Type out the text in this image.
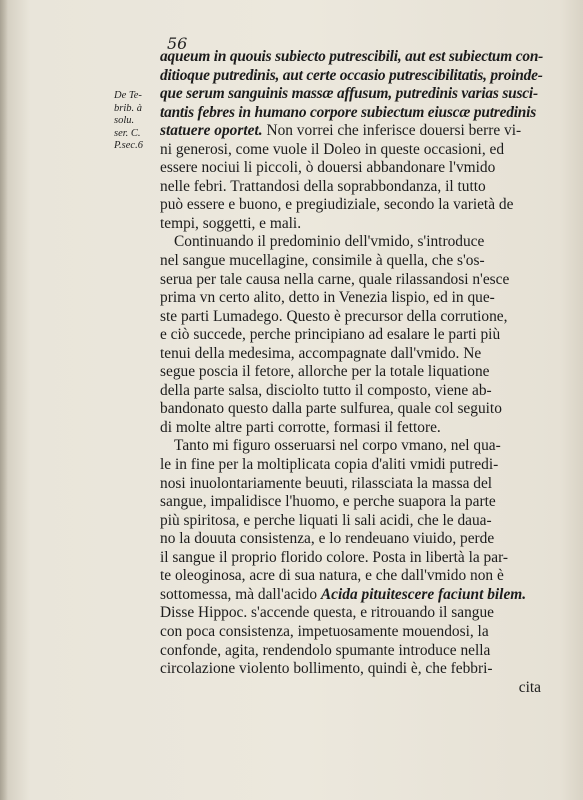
56
De Te-
brib. à
solu.
ser. C.
P.sec.6
aqueum in quouis subiecto putrescibili, aut est subiectum con-
ditioque putredinis, aut certe occasio putrescibilitatis, proinde-
que serum sanguinis massæ affusum, putredinis varias susci-
tantis febres in humano corpore subiectum eiuscæ putredinis
statuere oportet. Non vorrei che inferisce douersi berre vi-
ni generosi, come vuole il Doleo in queste occasioni, ed
essere nociui li piccoli, ò douersi abbandonare l'vmido
nelle febri. Trattandosi della soprabbondanza, il tutto
può essere e buono, e pregiudiziale, secondo la varietà de
tempi, soggetti, e mali.
Continuando il predominio dell'vmido, s'introduce
nel sangue mucellagine, consimile à quella, che s'os-
serua per tale causa nella carne, quale rilassandosi n'esce
prima vn certo alito, detto in Venezia lispio, ed in que-
ste parti Lumadego. Questo è precursor della corrutione,
e ciò succede, perche principiano ad esalare le parti più
tenui della medesima, accompagnate dall'vmido. Ne
segue poscia il fetore, allorche per la totale liquatione
della parte salsa, disciolto tutto il composto, viene ab-
bandonato questo dalla parte sulfurea, quale col seguito
di molte altre parti corrotte, formasi il fettore.
Tanto mi figuro osseruarsi nel corpo vmano, nel qua-
le in fine per la moltiplicata copia d'aliti vmidi putredi-
nosi inuolontariamente beuuti, rilassciata la massa del
sangue, impalidisce l'huomo, e perche suapora la parte
più spiritosa, e perche liquati li sali acidi, che le daua-
no la douuta consistenza, e lo rendeuano viuido, perde
il sangue il proprio florido colore. Posta in libertà la par-
te oleoginosa, acre di sua natura, e che dall'vmido non è
sottomessa, mà dall'acido Acida pituitescere faciunt bilem.
Disse Hippoc. s'accende questa, e ritrouando il sangue
con poca consistenza, impetuosamente mouendosi, la
confonde, agita, rendendolo spumante introduce nella
circolazione violento bollimento, quindi è, che febbri-
cita
